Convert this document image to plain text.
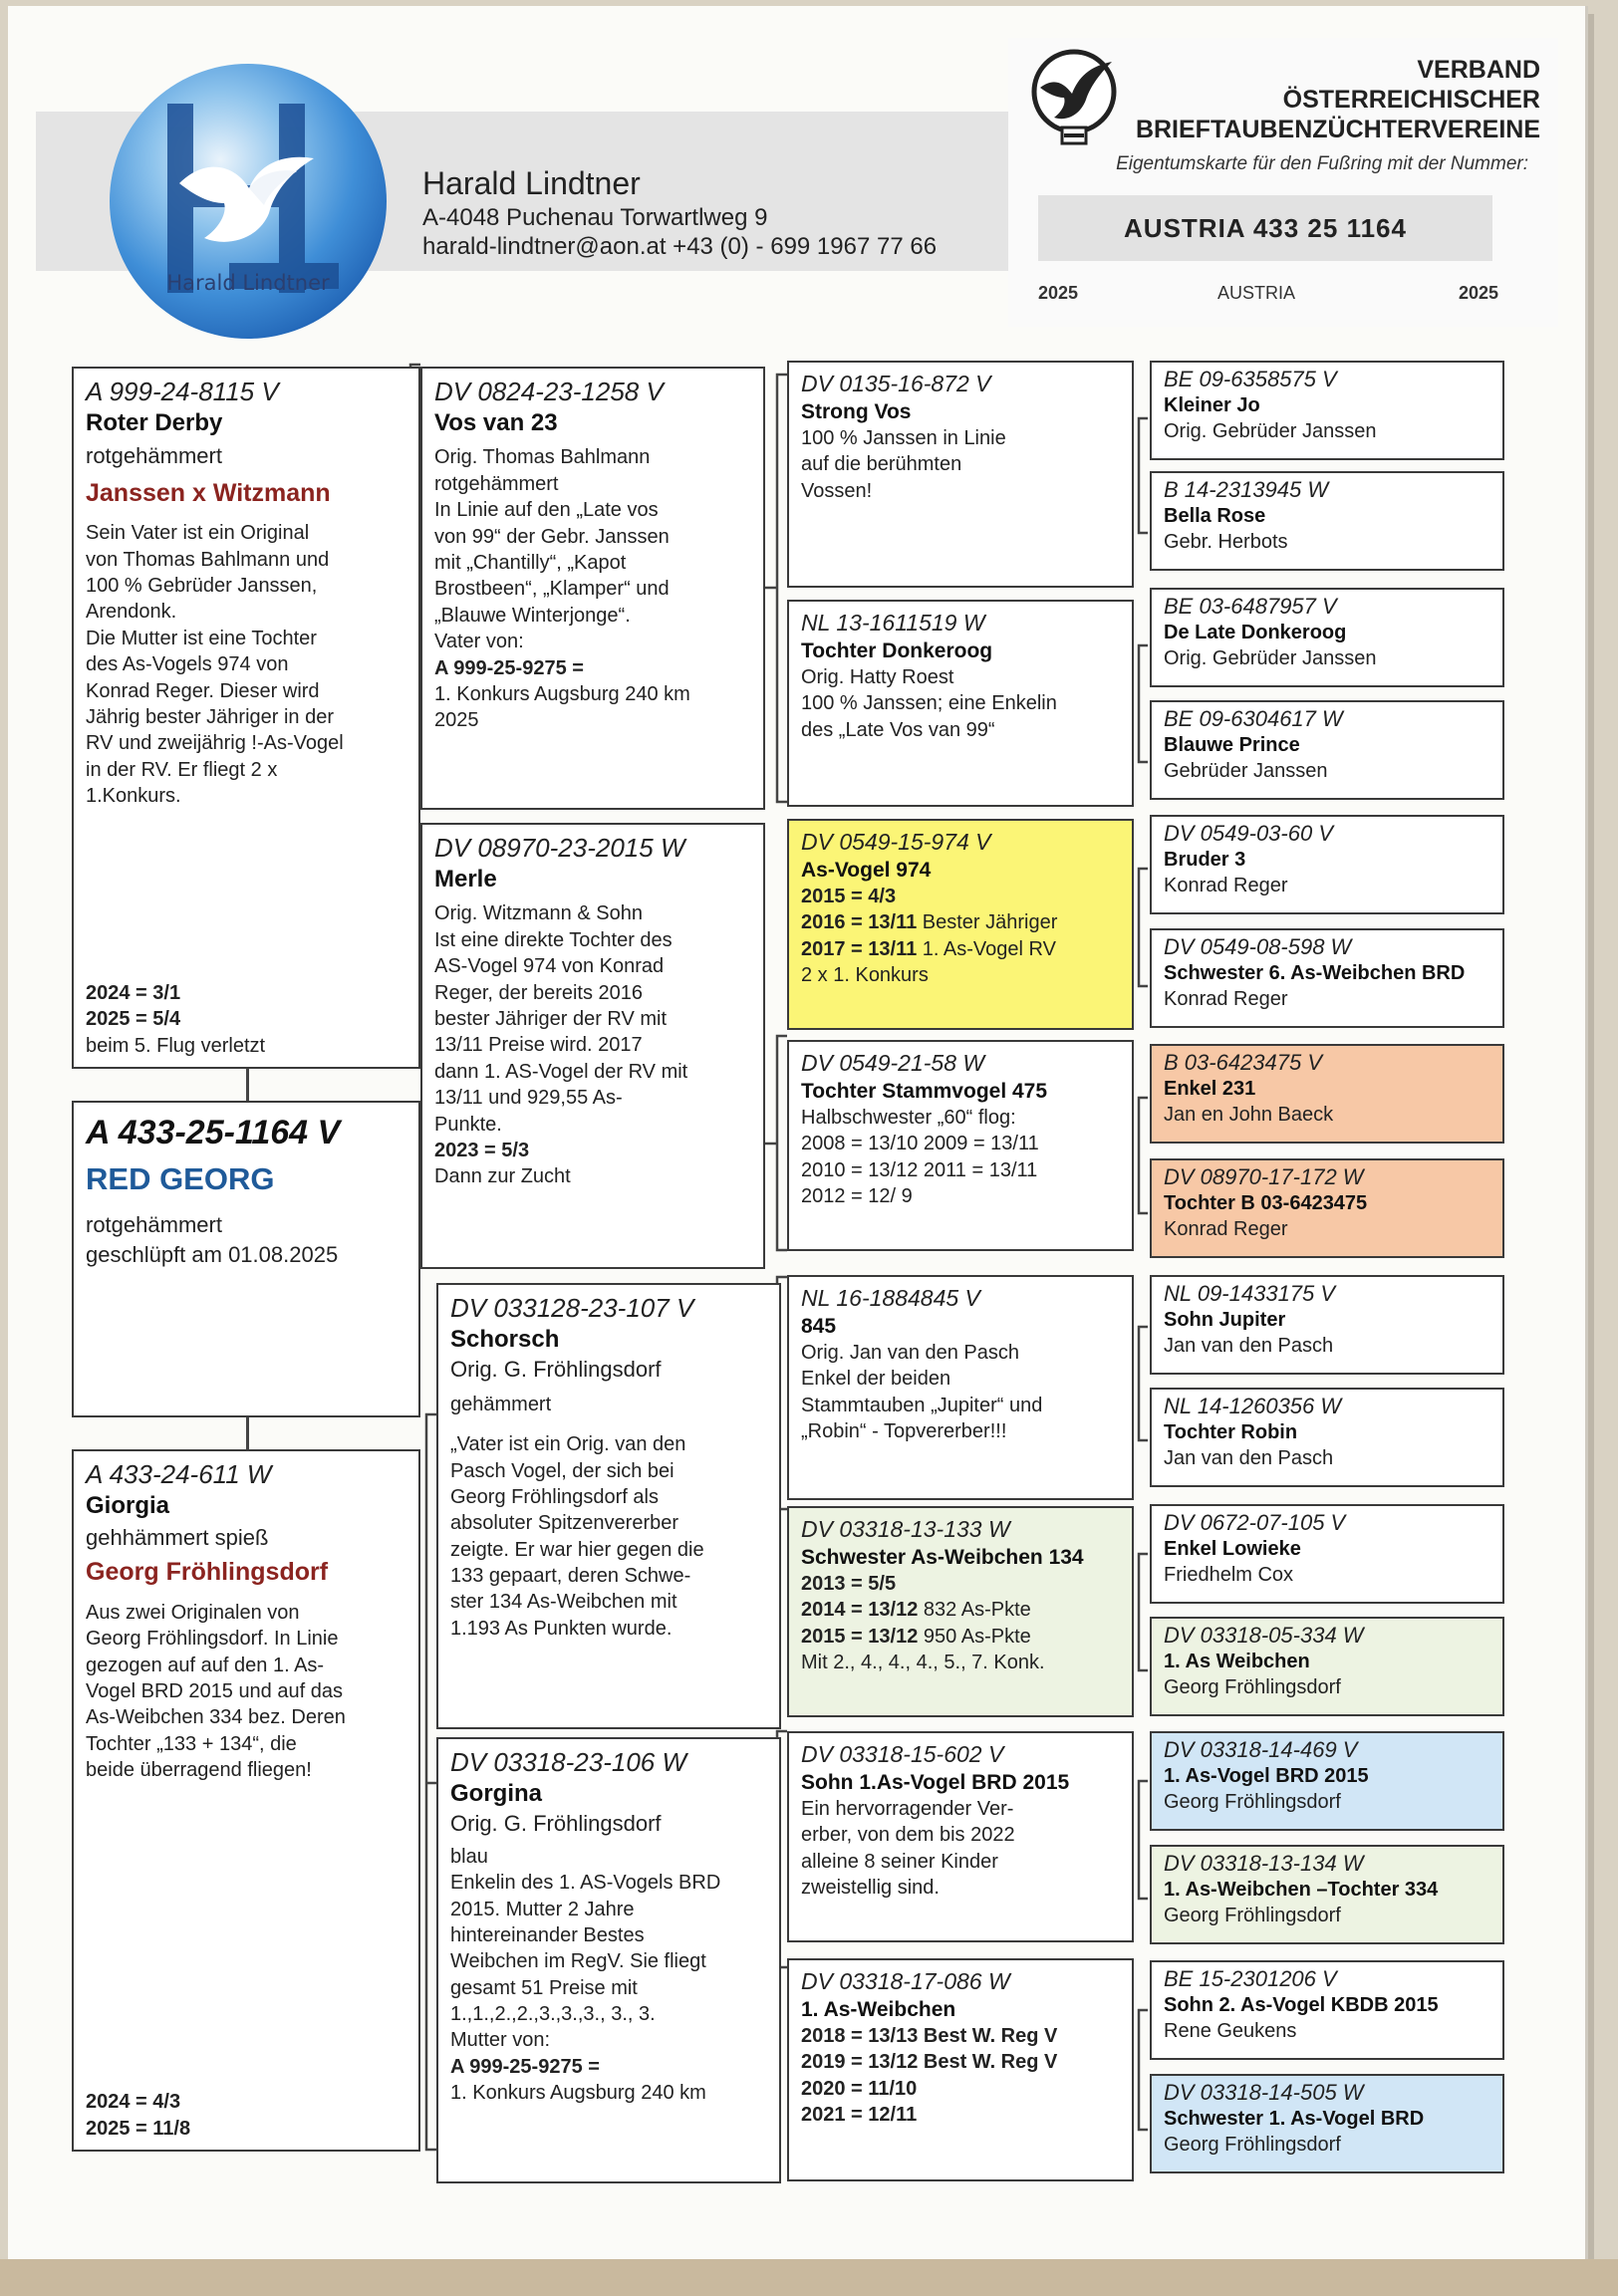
Harald Lindtner
Harald Lindtner
A-4048 Puchenau Torwartlweg 9
harald-lindtner@aon.at +43 (0) - 699 1967 77 66
VERBAND
ÖSTERREICHISCHER
BRIEFTAUBENZÜCHTERVEREINE
Eigentumskarte für den Fußring mit der Nummer:
AUSTRIA 433 25 1164
2025	AUSTRIA	2025
A 999-24-8115 V
Roter Derby
rotgehämmert
Janssen x Witzmann
Sein Vater ist ein Original
von Thomas Bahlmann und
100 % Gebrüder Janssen,
Arendonk.
Die Mutter ist eine Tochter
des As-Vogels 974 von
Konrad Reger. Dieser wird
Jährig bester Jähriger in der
RV und zweijährig !-As-Vogel
in der RV. Er fliegt 2 x
1.Konkurs.
2024 = 3/1
2025 = 5/4
beim 5. Flug verletzt
A 433-25-1164 V
RED GEORG
rotgehämmert
geschlüpft am 01.08.2025
A 433-24-611 W
Giorgia
gehhämmert spieß
Georg Fröhlingsdorf
Aus zwei Originalen von
Georg Fröhlingsdorf. In Linie
gezogen auf auf den 1. As-
Vogel BRD 2015 und auf das
As-Weibchen 334 bez. Deren
Tochter „133 + 134“, die
beide überragend fliegen!
2024 = 4/3
2025 = 11/8
DV 0824-23-1258 V
Vos van 23
Orig. Thomas Bahlmann
rotgehämmert
In Linie auf den „Late vos
von 99“ der Gebr. Janssen
mit „Chantilly“, „Kapot
Brostbeen“, „Klamper“ und
„Blauwe Winterjonge“.
Vater von:
A 999-25-9275 =
1. Konkurs Augsburg 240 km
2025
DV 08970-23-2015 W
Merle
Orig. Witzmann & Sohn
Ist eine direkte Tochter des
AS-Vogel 974 von Konrad
Reger, der bereits 2016
bester Jähriger der RV mit
13/11 Preise wird. 2017
dann 1. AS-Vogel der RV mit
13/11 und 929,55 As-
Punkte.
2023 = 5/3
Dann zur Zucht
DV 033128-23-107 V
Schorsch
Orig. G. Fröhlingsdorf
gehämmert
„Vater ist ein Orig. van den
Pasch Vogel, der sich bei
Georg Fröhlingsdorf als
absoluter Spitzenvererber
zeigte. Er war hier gegen die
133 gepaart, deren Schwe-
ster 134 As-Weibchen mit
1.193 As Punkten wurde.
DV 03318-23-106 W
Gorgina
Orig. G. Fröhlingsdorf
blau
Enkelin des 1. AS-Vogels BRD
2015. Mutter 2 Jahre
hintereinander Bestes
Weibchen im RegV. Sie fliegt
gesamt 51 Preise mit
1.,1.,2.,2.,3.,3.,3., 3., 3.
Mutter von:
A 999-25-9275 =
1. Konkurs Augsburg 240 km
DV 0135-16-872 V
Strong Vos
100 % Janssen in Linie
auf die berühmten
Vossen!
NL 13-1611519 W
Tochter Donkeroog
Orig. Hatty Roest
100 % Janssen; eine Enkelin
des „Late Vos van 99“
DV 0549-15-974 V
As-Vogel 974
2015 = 4/3
2016 = 13/11 Bester Jähriger
2017 = 13/11 1. As-Vogel RV
2 x 1. Konkurs
DV 0549-21-58 W
Tochter Stammvogel 475
Halbschwester „60“ flog:
2008 = 13/10 2009 = 13/11
2010 = 13/12 2011 = 13/11
2012 = 12/ 9
NL 16-1884845 V
845
Orig. Jan van den Pasch
Enkel der beiden
Stammtauben „Jupiter“ und
„Robin“ - Topvererber!!!
DV 03318-13-133 W
Schwester As-Weibchen 134
2013 = 5/5
2014 = 13/12 832 As-Pkte
2015 = 13/12 950 As-Pkte
Mit 2., 4., 4., 4., 5., 7. Konk.
DV 03318-15-602 V
Sohn 1.As-Vogel BRD 2015
Ein hervorragender Ver-
erber, von dem bis 2022
alleine 8 seiner Kinder
zweistellig sind.
DV 03318-17-086 W
1. As-Weibchen
2018 = 13/13 Best W. Reg V
2019 = 13/12 Best W. Reg V
2020 = 11/10
2021 = 12/11
BE 09-6358575 V
Kleiner Jo
Orig. Gebrüder Janssen
B 14-2313945 W
Bella Rose
Gebr. Herbots
BE 03-6487957 V
De Late Donkeroog
Orig. Gebrüder Janssen
BE 09-6304617 W
Blauwe Prince
Gebrüder Janssen
DV 0549-03-60 V
Bruder 3
Konrad Reger
DV 0549-08-598 W
Schwester 6. As-Weibchen BRD
Konrad Reger
B 03-6423475 V
Enkel 231
Jan en John Baeck
DV 08970-17-172 W
Tochter B 03-6423475
Konrad Reger
NL 09-1433175 V
Sohn Jupiter
Jan van den Pasch
NL 14-1260356 W
Tochter Robin
Jan van den Pasch
DV 0672-07-105 V
Enkel Lowieke
Friedhelm Cox
DV 03318-05-334 W
1. As Weibchen
Georg Fröhlingsdorf
DV 03318-14-469 V
1. As-Vogel BRD 2015
Georg Fröhlingsdorf
DV 03318-13-134 W
1. As-Weibchen –Tochter 334
Georg Fröhlingsdorf
BE 15-2301206 V
Sohn 2. As-Vogel KBDB 2015
Rene Geukens
DV 03318-14-505 W
Schwester 1. As-Vogel BRD
Georg Fröhlingsdorf
